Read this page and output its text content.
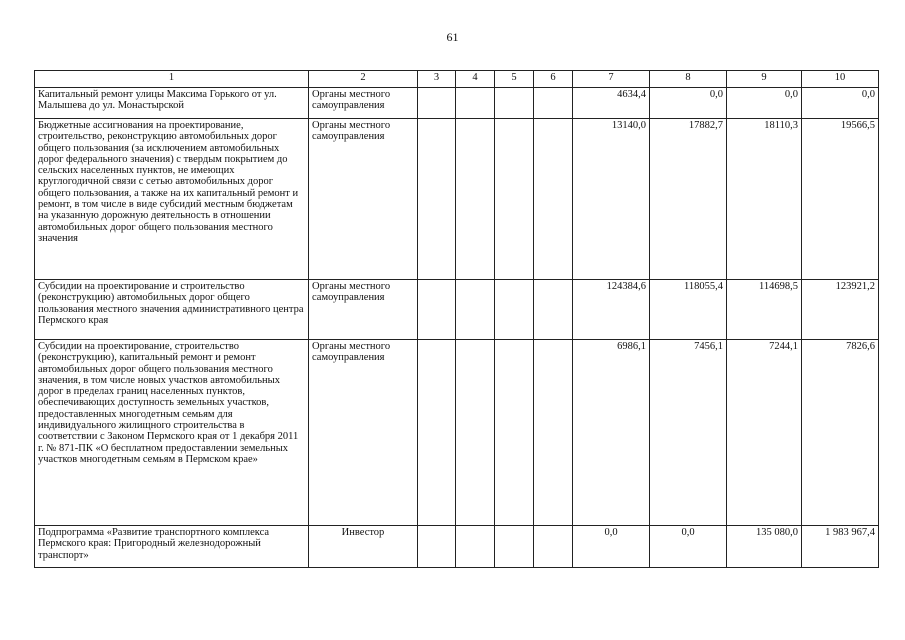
61
1	2	3	4	5	6	7	8	9	10
Капитальный ремонт улицы Максима Горького от ул. Малышева до ул. Монастырской	Органы местного самоуправления					4634,4	0,0	0,0	0,0
Бюджетные ассигнования на проектирование, строительство, реконструкцию автомобильных дорог общего пользования (за исключением автомобильных дорог федерального значения) с твердым покрытием до сельских населенных пунктов, не имеющих круглогодичной связи с сетью автомобильных дорог общего пользования, а также на их капитальный ремонт и ремонт, в том числе в виде субсидий местным бюджетам на указанную дорожную деятельность в отношении автомобильных дорог общего пользования местного значения	Органы местного самоуправления					13140,0	17882,7	18110,3	19566,5
Субсидии на проектирование и строительство (реконструкцию) автомобильных дорог общего пользования местного значения административного центра Пермского края	Органы местного самоуправления					124384,6	118055,4	114698,5	123921,2
Субсидии на проектирование, строительство (реконструкцию), капитальный ремонт и ремонт автомобильных дорог общего пользования местного значения, в том числе новых участков автомобильных дорог в пределах границ населенных пунктов, обеспечивающих доступность земельных участков, предоставленных многодетным семьям для индивидуального жилищного строительства в соответствии с Законом Пермского края от 1 декабря 2011 г. № 871-ПК «О бесплатном предоставлении земельных участков многодетным семьям в Пермском крае»	Органы местного самоуправления					6986,1	7456,1	7244,1	7826,6
Подпрограмма «Развитие транспортного комплекса Пермского края: Пригородный железнодорожный транспорт»	Инвестор					0,0	0,0	135 080,0	1 983 967,4
